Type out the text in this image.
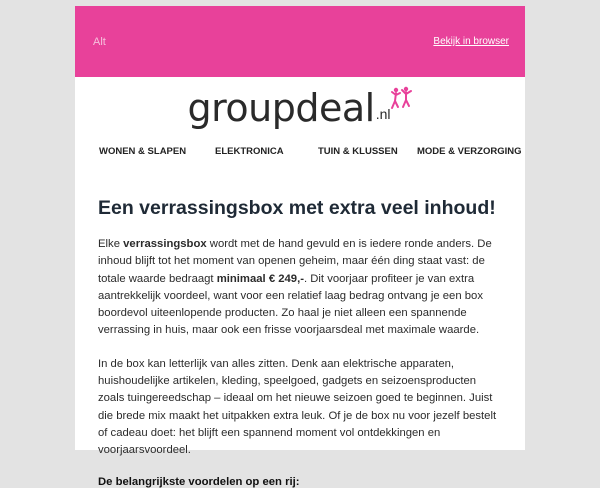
Alt	Bekijk in browser
groupdeal .nl
WONEN & SLAPEN	ELEKTRONICA	TUIN & KLUSSEN MODE & VERZORGING
Een verrassingsbox met extra veel inhoud!

Elke verrassingsbox wordt met de hand gevuld en is iedere ronde anders. De inhoud blijft tot het moment van openen geheim, maar één ding staat vast: de totale waarde bedraagt minimaal € 249,-. Dit voorjaar profiteer je van extra aantrekkelijk voordeel, want voor een relatief laag bedrag ontvang je een box boordevol uiteenlopende producten. Zo haal je niet alleen een spannende verrassing in huis, maar ook een frisse voorjaarsdeal met maximale waarde.

In de box kan letterlijk van alles zitten. Denk aan elektrische apparaten, huishoudelijke artikelen, kleding, speelgoed, gadgets en seizoensproducten zoals tuingereedschap – ideaal om het nieuwe seizoen goed te beginnen. Juist die brede mix maakt het uitpakken extra leuk. Of je de box nu voor jezelf bestelt of cadeau doet: het blijft een spannend moment vol ontdekkingen en voorjaarsvoordeel.

De belangrijkste voordelen op een rij:
